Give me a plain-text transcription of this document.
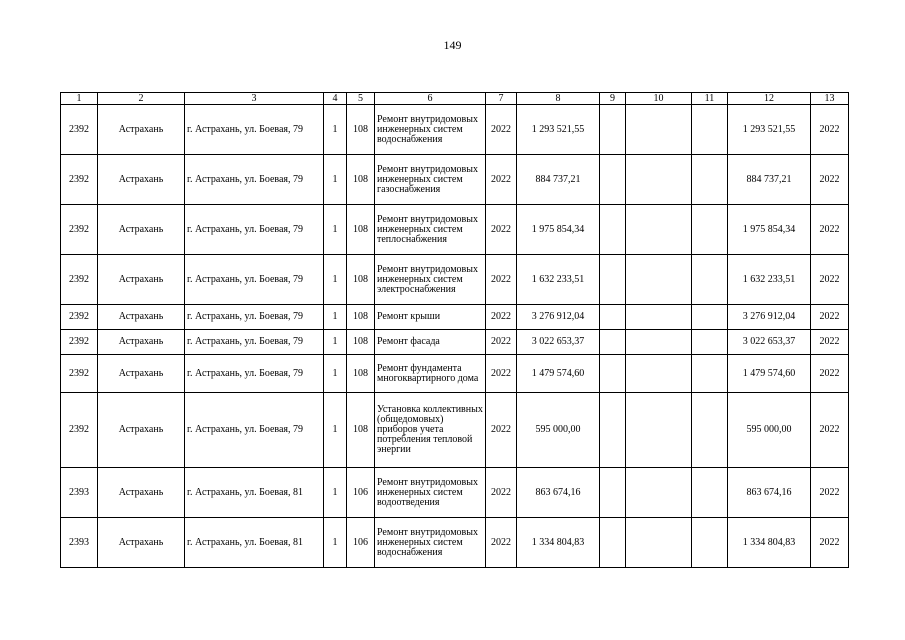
149
1	2	3	4	5	6	7	8	9	10	11	12	13
2392	Астрахань	г. Астрахань, ул. Боевая, 79	1	108	Ремонт внутридомовых инженерных систем водоснабжения	2022	1 293 521,55				1 293 521,55	2022
2392	Астрахань	г. Астрахань, ул. Боевая, 79	1	108	Ремонт внутридомовых инженерных систем газоснабжения	2022	884 737,21				884 737,21	2022
2392	Астрахань	г. Астрахань, ул. Боевая, 79	1	108	Ремонт внутридомовых инженерных систем теплоснабжения	2022	1 975 854,34				1 975 854,34	2022
2392	Астрахань	г. Астрахань, ул. Боевая, 79	1	108	Ремонт внутридомовых инженерных систем электроснабжения	2022	1 632 233,51				1 632 233,51	2022
2392	Астрахань	г. Астрахань, ул. Боевая, 79	1	108	Ремонт крыши	2022	3 276 912,04				3 276 912,04	2022
2392	Астрахань	г. Астрахань, ул. Боевая, 79	1	108	Ремонт фасада	2022	3 022 653,37				3 022 653,37	2022
2392	Астрахань	г. Астрахань, ул. Боевая, 79	1	108	Ремонт фундамента многоквартирного дома	2022	1 479 574,60				1 479 574,60	2022
2392	Астрахань	г. Астрахань, ул. Боевая, 79	1	108	Установка коллективных (общедомовых) приборов учета потребления тепловой энергии	2022	595 000,00				595 000,00	2022
2393	Астрахань	г. Астрахань, ул. Боевая, 81	1	106	Ремонт внутридомовых инженерных систем водоотведения	2022	863 674,16				863 674,16	2022
2393	Астрахань	г. Астрахань, ул. Боевая, 81	1	106	Ремонт внутридомовых инженерных систем водоснабжения	2022	1 334 804,83				1 334 804,83	2022
